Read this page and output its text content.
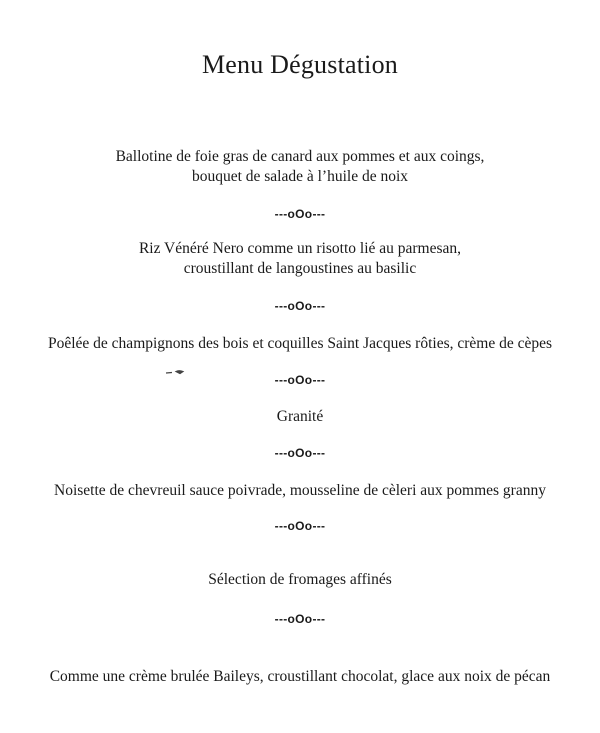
Menu Dégustation
Ballotine de foie gras de canard aux pommes et aux coings,
bouquet de salade à l’huile de noix
---oOo---
Riz Vénéré Nero comme un risotto lié au parmesan,
croustillant de langoustines au basilic
---oOo---
Poêlée de champignons des bois et coquilles Saint Jacques rôties, crème de cèpes
---oOo---
Granité
---oOo---
Noisette de chevreuil sauce poivrade, mousseline de cèleri aux pommes granny
---oOo---
Sélection de fromages affinés
---oOo---
Comme une crème brulée Baileys, croustillant chocolat, glace aux noix de pécan
